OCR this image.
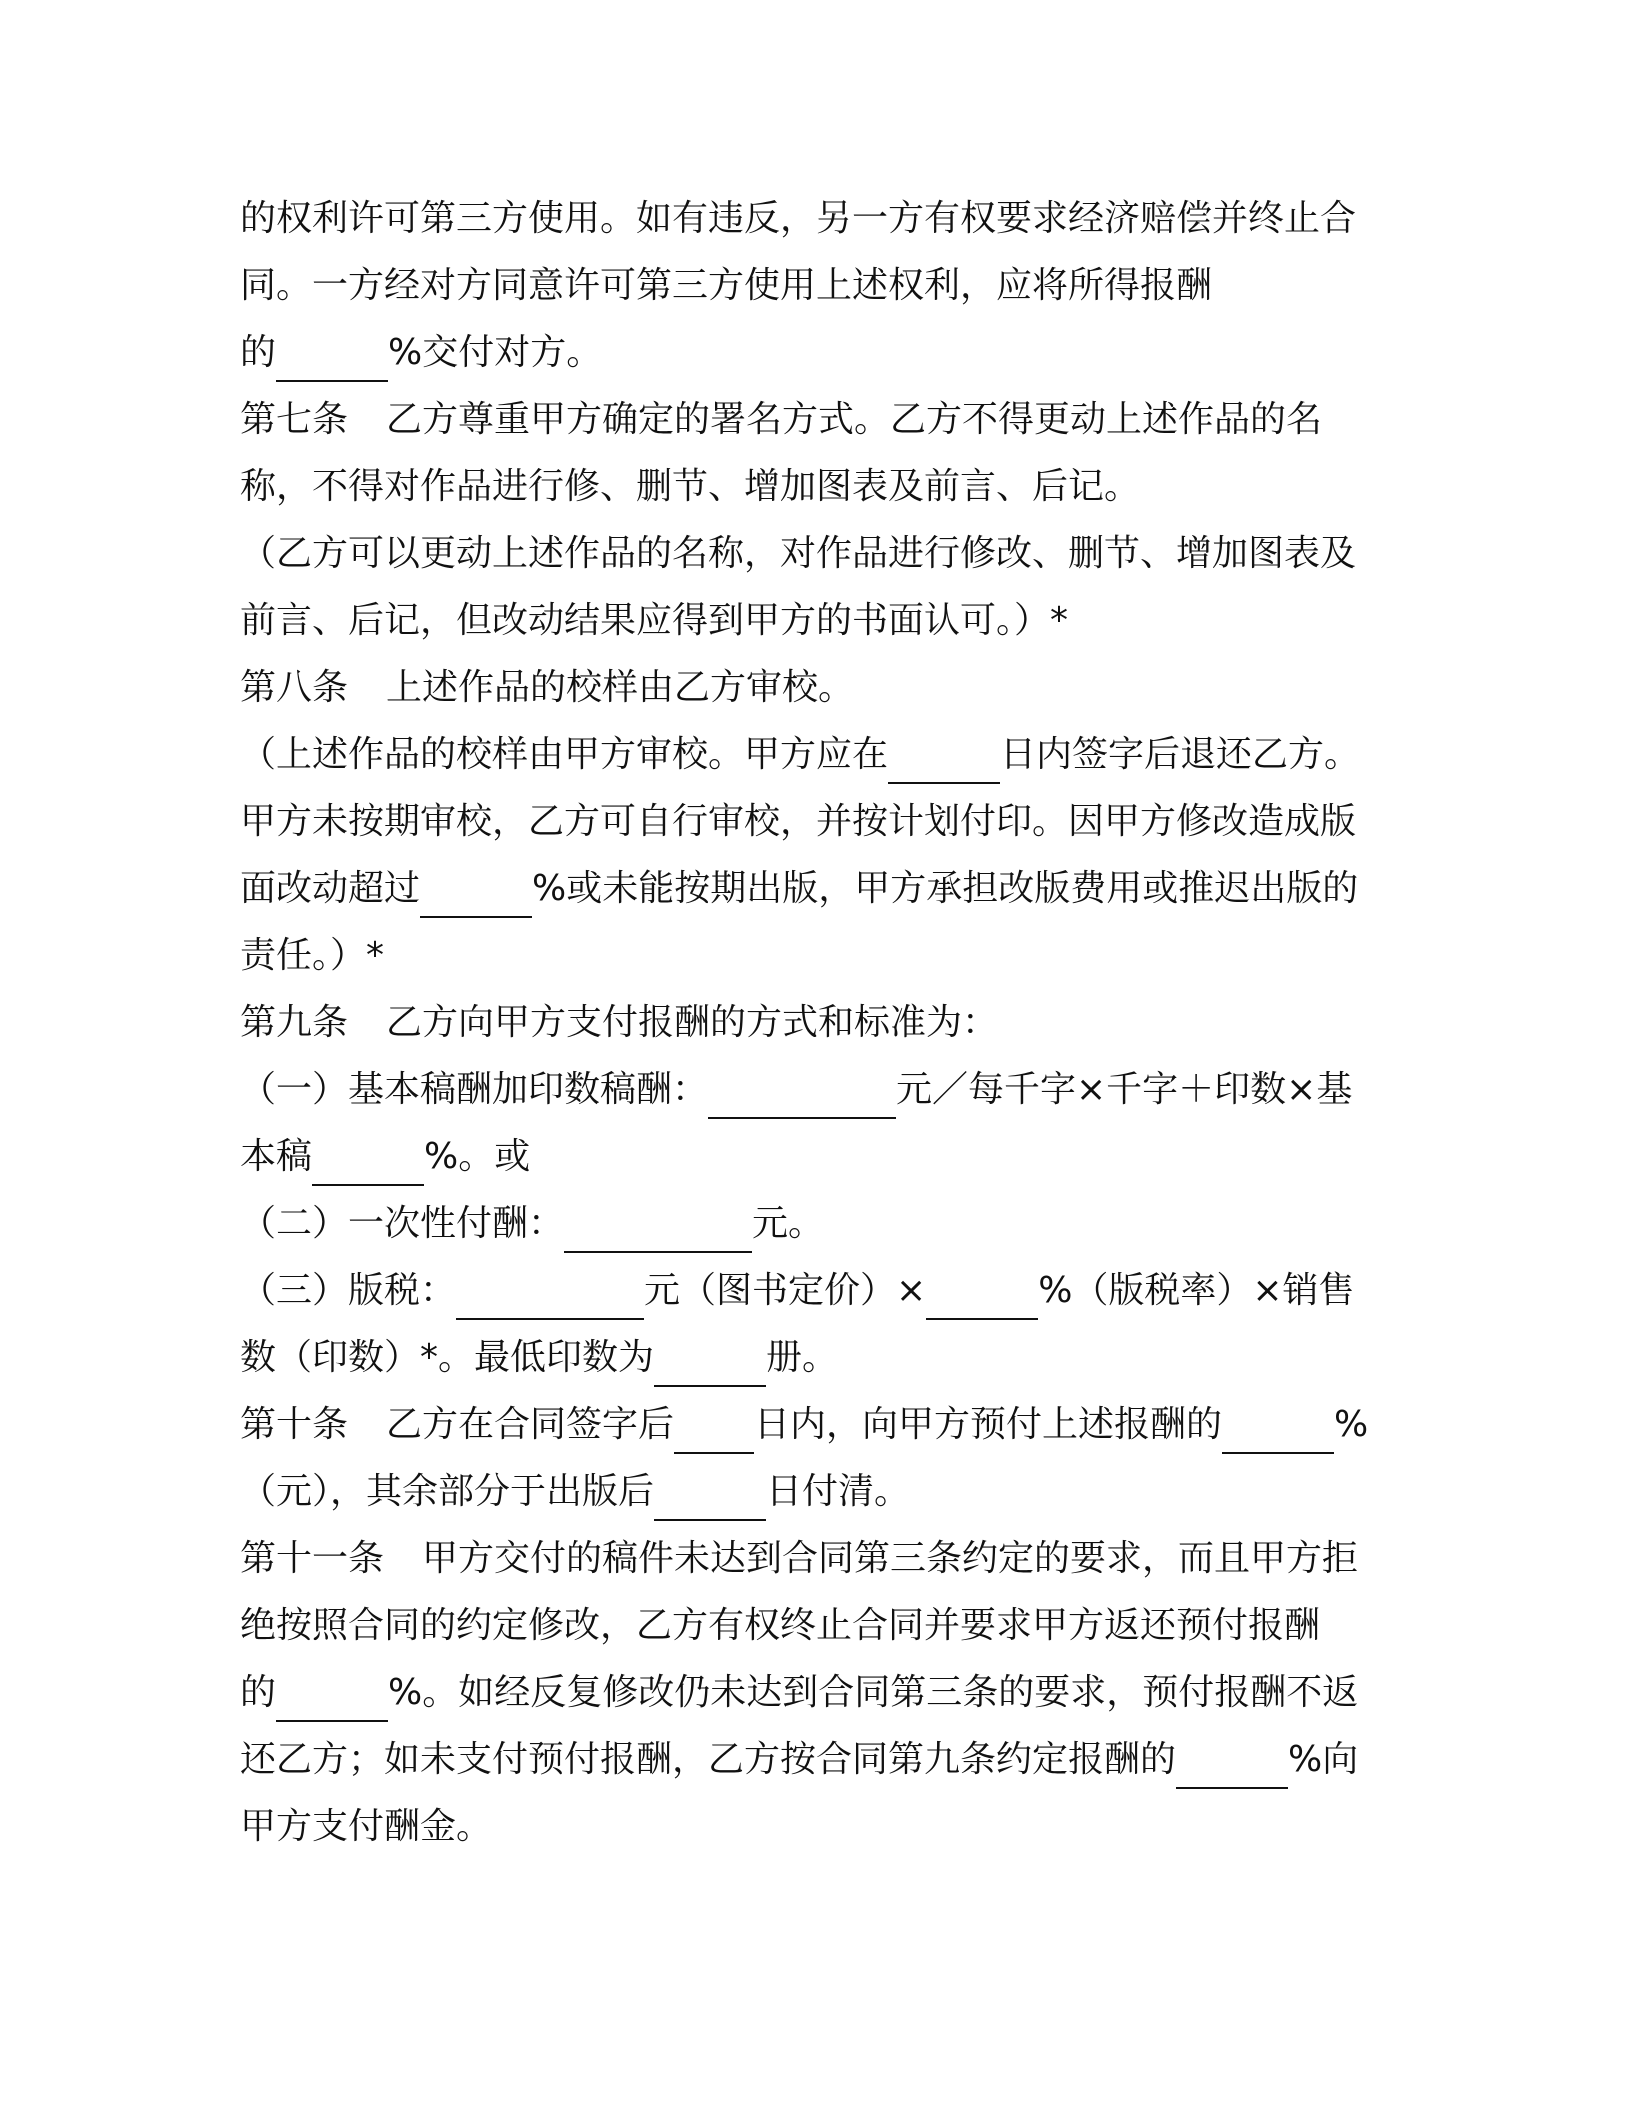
的权利许可第三方使用。如有违反，另一方有权要求经济赔偿并终止合
同。一方经对方同意许可第三方使用上述权利，应将所得报酬
的	%交付对方。
第七条 乙方尊重甲方确定的署名方式。乙方不得更动上述作品的名
称，不得对作品进行修、删节、增加图表及前言、后记。
（乙方可以更动上述作品的名称，对作品进行修改、删节、增加图表及
前言、后记，但改动结果应得到甲方的书面认可。）*
第八条 上述作品的校样由乙方审校。
（上述作品的校样由甲方审校。甲方应在	日内签字后退还乙方。
甲方未按期审校，乙方可自行审校，并按计划付印。因甲方修改造成版
面改动超过	%或未能按期出版，甲方承担改版费用或推迟出版的
责任。）*
第九条 乙方向甲方支付报酬的方式和标准为：
（一）基本稿酬加印数稿酬：	元／每千字×千字＋印数×基
本稿	%。或
（二）一次性付酬：	元。
（三）版税：	元（图书定价）×	%（版税率）×销售
数（印数）*。最低印数为	册。
第十条 乙方在合同签字后 日内，向甲方预付上述报酬的	%
（元），其余部分于出版后	日付清。
第十一条 甲方交付的稿件未达到合同第三条约定的要求，而且甲方拒
绝按照合同的约定修改，乙方有权终止合同并要求甲方返还预付报酬
的	%。如经反复修改仍未达到合同第三条的要求，预付报酬不返
还乙方；如未支付预付报酬，乙方按合同第九条约定报酬的	%向
甲方支付酬金。
